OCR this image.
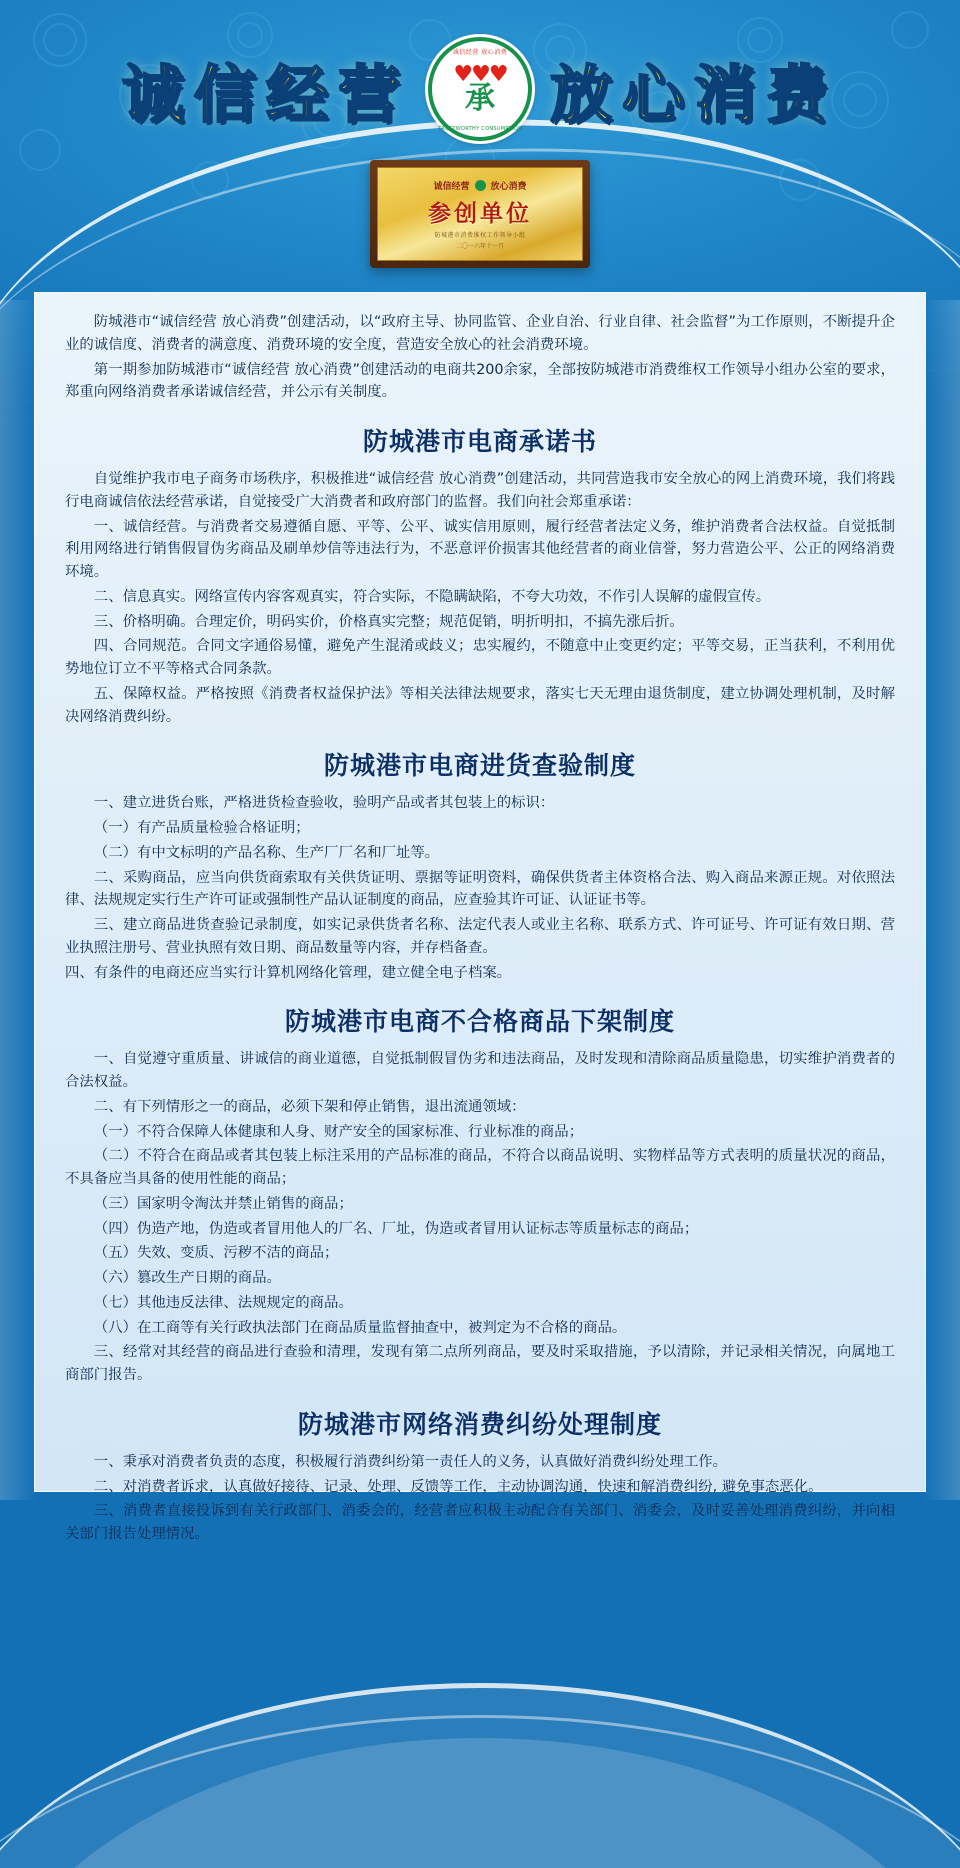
诚信经营
诚信经营 放心消费
♥♥♥
承
TRUSTWORTHY CONSUMPTION 放心消费
诚信经营 放心消费
参创单位
防城港市消费维权工作领导小组
二〇一六年十一月

防城港市“诚信经营 放心消费”创建活动，以“政府主导、协同监管、企业自治、行业自律、社会监督”为工作原则，不断提升企业的诚信度、消费者的满意度、消费环境的安全度，营造安全放心的社会消费环境。

第一期参加防城港市“诚信经营 放心消费”创建活动的电商共200余家，全部按防城港市消费维权工作领导小组办公室的要求，郑重向网络消费者承诺诚信经营，并公示有关制度。

防城港市电商承诺书

自觉维护我市电子商务市场秩序，积极推进“诚信经营 放心消费”创建活动，共同营造我市安全放心的网上消费环境，我们将践行电商诚信依法经营承诺，自觉接受广大消费者和政府部门的监督。我们向社会郑重承诺：

一、诚信经营。与消费者交易遵循自愿、平等、公平、诚实信用原则，履行经营者法定义务，维护消费者合法权益。自觉抵制利用网络进行销售假冒伪劣商品及刷单炒信等违法行为，不恶意评价损害其他经营者的商业信誉，努力营造公平、公正的网络消费环境。

二、信息真实。网络宣传内容客观真实，符合实际，不隐瞒缺陷，不夸大功效，不作引人误解的虚假宣传。

三、价格明确。合理定价，明码实价，价格真实完整；规范促销，明折明扣，不搞先涨后折。

四、合同规范。合同文字通俗易懂，避免产生混淆或歧义；忠实履约，不随意中止变更约定；平等交易，正当获利，不利用优势地位订立不平等格式合同条款。

五、保障权益。严格按照《消费者权益保护法》等相关法律法规要求，落实七天无理由退货制度，建立协调处理机制，及时解决网络消费纠纷。

防城港市电商进货查验制度

一、建立进货台账，严格进货检查验收，验明产品或者其包装上的标识：

（一）有产品质量检验合格证明；

（二）有中文标明的产品名称、生产厂厂名和厂址等。

二、采购商品，应当向供货商索取有关供货证明、票据等证明资料，确保供货者主体资格合法、购入商品来源正规。对依照法律、法规规定实行生产许可证或强制性产品认证制度的商品，应查验其许可证、认证证书等。

三、建立商品进货查验记录制度，如实记录供货者名称、法定代表人或业主名称、联系方式、许可证号、许可证有效日期、营业执照注册号、营业执照有效日期、商品数量等内容，并存档备查。

四、有条件的电商还应当实行计算机网络化管理，建立健全电子档案。

防城港市电商不合格商品下架制度

一、自觉遵守重质量、讲诚信的商业道德，自觉抵制假冒伪劣和违法商品，及时发现和清除商品质量隐患，切实维护消费者的合法权益。

二、有下列情形之一的商品，必须下架和停止销售，退出流通领域：

（一）不符合保障人体健康和人身、财产安全的国家标准、行业标准的商品；

（二）不符合在商品或者其包装上标注采用的产品标准的商品，不符合以商品说明、实物样品等方式表明的质量状况的商品，不具备应当具备的使用性能的商品；

（三）国家明令淘汰并禁止销售的商品；

（四）伪造产地，伪造或者冒用他人的厂名、厂址，伪造或者冒用认证标志等质量标志的商品；

（五）失效、变质、污秽不洁的商品；

（六）篡改生产日期的商品。

（七）其他违反法律、法规规定的商品。

（八）在工商等有关行政执法部门在商品质量监督抽查中，被判定为不合格的商品。

三、经常对其经营的商品进行查验和清理，发现有第二点所列商品，要及时采取措施，予以清除，并记录相关情况，向属地工商部门报告。

防城港市网络消费纠纷处理制度

一、秉承对消费者负责的态度，积极履行消费纠纷第一责任人的义务，认真做好消费纠纷处理工作。

二、对消费者诉求，认真做好接待、记录、处理、反馈等工作，主动协调沟通，快速和解消费纠纷, 避免事态恶化。

三、消费者直接投诉到有关行政部门、消委会的，经营者应积极主动配合有关部门、消委会，及时妥善处理消费纠纷，并向相关部门报告处理情况。
